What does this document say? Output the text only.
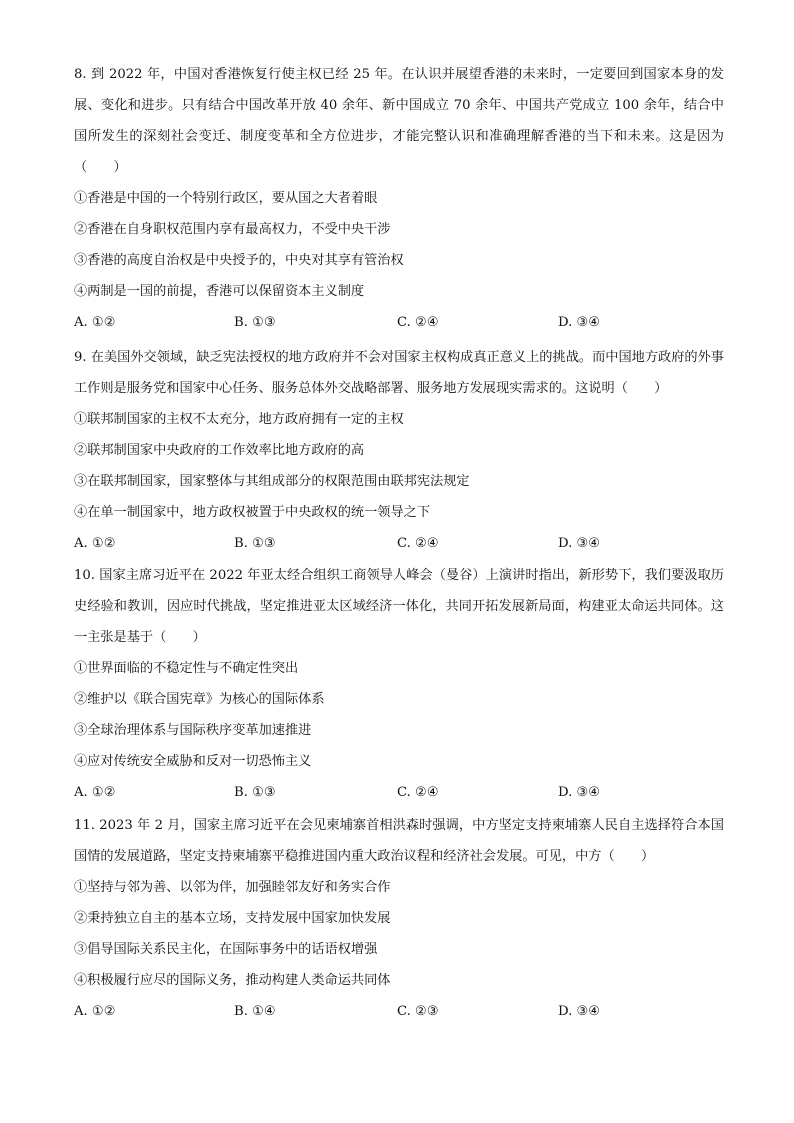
8. 到 2022 年，中国对香港恢复行使主权已经 25 年。在认识并展望香港的未来时，一定要回到国家本身的发展、变化和进步。只有结合中国改革开放 40 余年、新中国成立 70 余年、中国共产党成立 100 余年，结合中国所发生的深刻社会变迁、制度变革和全方位进步，才能完整认识和准确理解香港的当下和未来。这是因为（　　）

①香港是中国的一个特别行政区，要从国之大者着眼

②香港在自身职权范围内享有最高权力，不受中央干涉

③香港的高度自治权是中央授予的，中央对其享有管治权

④两制是一国的前提，香港可以保留资本主义制度

A. ①②	B. ①③	C. ②④	D. ③④

9. 在美国外交领域，缺乏宪法授权的地方政府并不会对国家主权构成真正意义上的挑战。而中国地方政府的外事工作则是服务党和国家中心任务、服务总体外交战略部署、服务地方发展现实需求的。这说明（　　）

①联邦制国家的主权不太充分，地方政府拥有一定的主权

②联邦制国家中央政府的工作效率比地方政府的高

③在联邦制国家，国家整体与其组成部分的权限范围由联邦宪法规定

④在单一制国家中，地方政权被置于中央政权的统一领导之下

A. ①②	B. ①③	C. ②④	D. ③④

10. 国家主席习近平在 2022 年亚太经合组织工商领导人峰会（曼谷）上演讲时指出，新形势下，我们要汲取历史经验和教训，因应时代挑战，坚定推进亚太区域经济一体化，共同开拓发展新局面，构建亚太命运共同体。这一主张是基于（　　）

①世界面临的不稳定性与不确定性突出

②维护以《联合国宪章》为核心的国际体系

③全球治理体系与国际秩序变革加速推进

④应对传统安全威胁和反对一切恐怖主义

A. ①②	B. ①③	C. ②④	D. ③④

11. 2023 年 2 月，国家主席习近平在会见柬埔寨首相洪森时强调，中方坚定支持柬埔寨人民自主选择符合本国国情的发展道路，坚定支持柬埔寨平稳推进国内重大政治议程和经济社会发展。可见，中方（　　）

①坚持与邻为善、以邻为伴，加强睦邻友好和务实合作

②秉持独立自主的基本立场，支持发展中国家加快发展

③倡导国际关系民主化，在国际事务中的话语权增强

④积极履行应尽的国际义务，推动构建人类命运共同体

A. ①②	B. ①④	C. ②③	D. ③④
